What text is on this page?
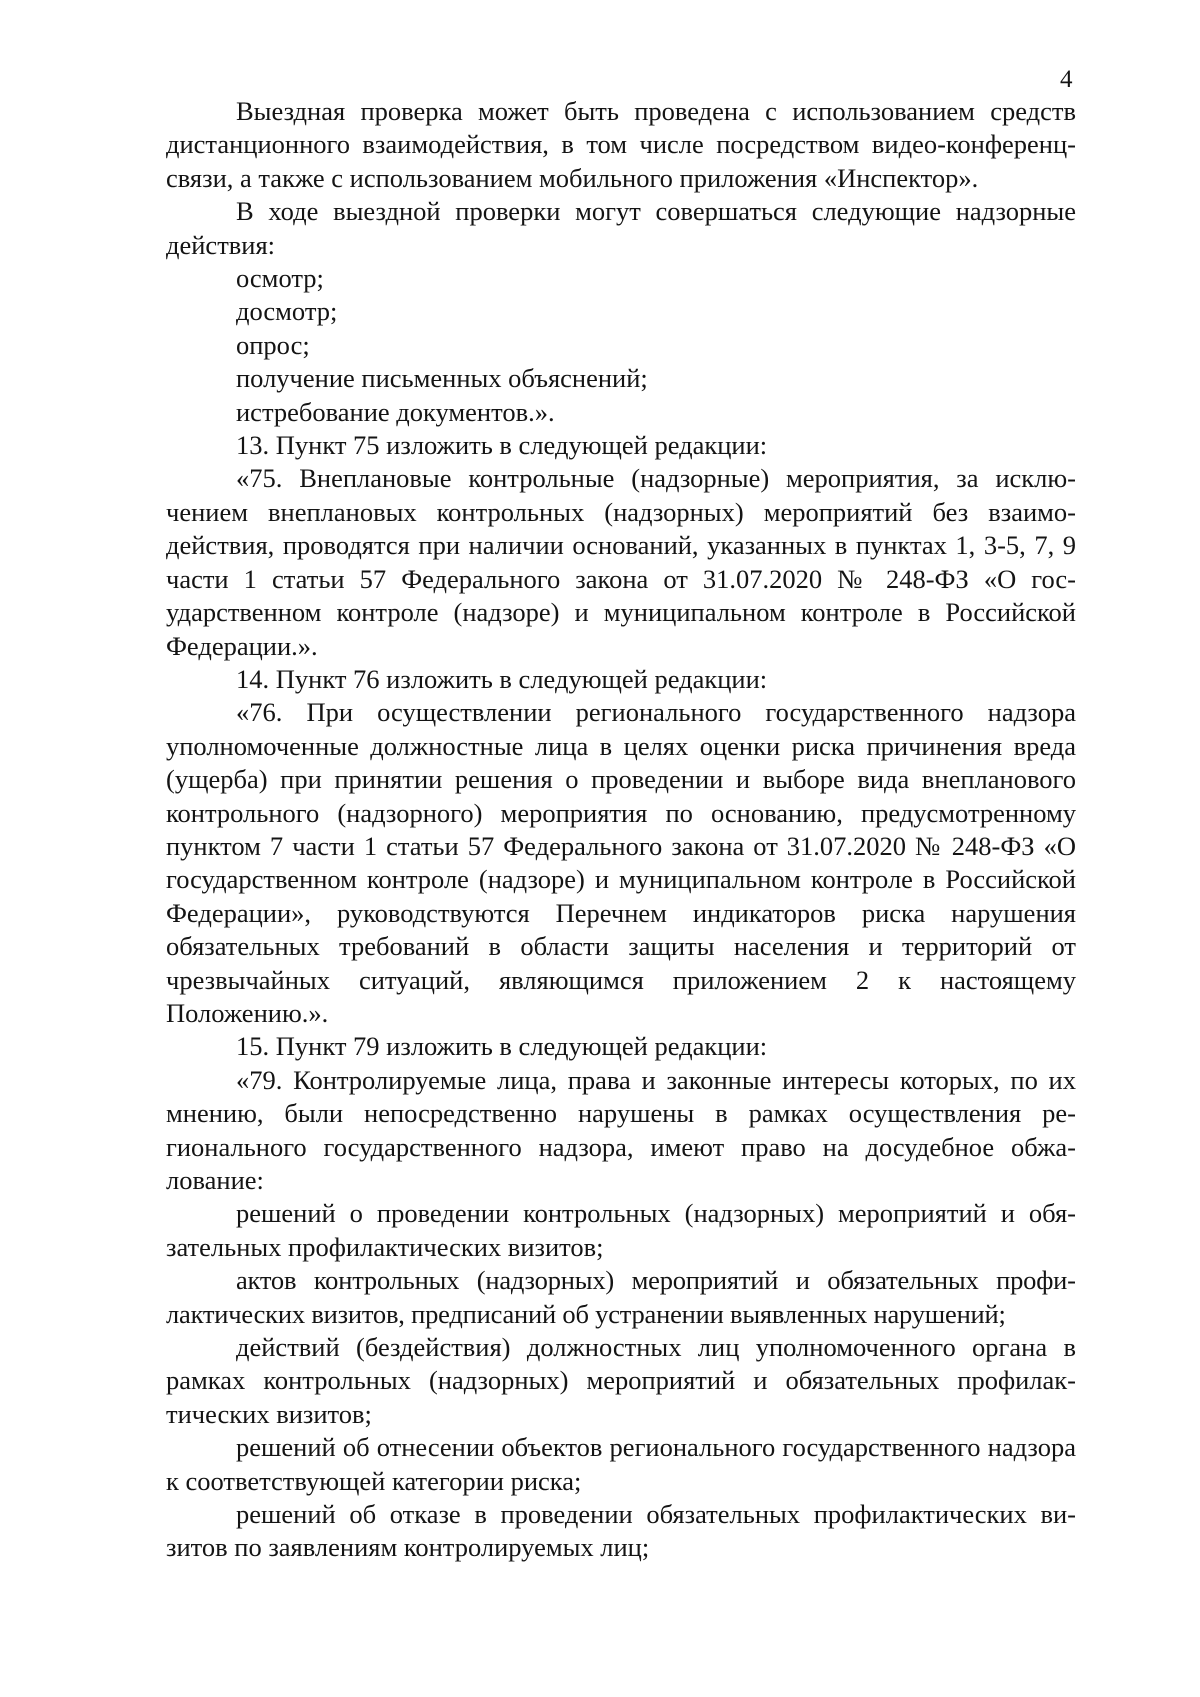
4

Выездная проверка может быть проведена с использованием средств дистанционного взаимодействия, в том числе посредством видео-конференц-связи, а также с использованием мобильного приложения «Инспектор».

В ходе выездной проверки могут совершаться следующие надзорные действия:

осмотр;

досмотр;

опрос;

получение письменных объяснений;

истребование документов.».

13. Пункт 75 изложить в следующей редакции:

«75. Внеплановые контрольные (надзорные) мероприятия, за исключением внеплановых контрольных (надзорных) мероприятий без взаимодействия, проводятся при наличии оснований, указанных в пунктах 1, 3-5, 7, 9 части 1 статьи 57 Федерального закона от 31.07.2020 № 248-ФЗ «О государственном контроле (надзоре) и муниципальном контроле в Российской Федерации.».

14. Пункт 76 изложить в следующей редакции:

«76. При осуществлении регионального государственного надзора уполномоченные должностные лица в целях оценки риска причинения вреда (ущерба) при принятии решения о проведении и выборе вида внепланового контрольного (надзорного) мероприятия по основанию, предусмотренному пунктом 7 части 1 статьи 57 Федерального закона от 31.07.2020 № 248-ФЗ «О государственном контроле (надзоре) и муниципальном контроле в Российской Федерации», руководствуются Перечнем индикаторов риска нарушения обязательных требований в области защиты населения и территорий от чрезвычайных ситуаций, являющимся приложением 2 к настоящему Положению.».

15. Пункт 79 изложить в следующей редакции:

«79. Контролируемые лица, права и законные интересы которых, по их мнению, были непосредственно нарушены в рамках осуществления регионального государственного надзора, имеют право на досудебное обжалование:

решений о проведении контрольных (надзорных) мероприятий и обязательных профилактических визитов;

актов контрольных (надзорных) мероприятий и обязательных профилактических визитов, предписаний об устранении выявленных нарушений;

действий (бездействия) должностных лиц уполномоченного органа в рамках контрольных (надзорных) мероприятий и обязательных профилактических визитов;

решений об отнесении объектов регионального государственного надзора к соответствующей категории риска;

решений об отказе в проведении обязательных профилактических визитов по заявлениям контролируемых лиц;
